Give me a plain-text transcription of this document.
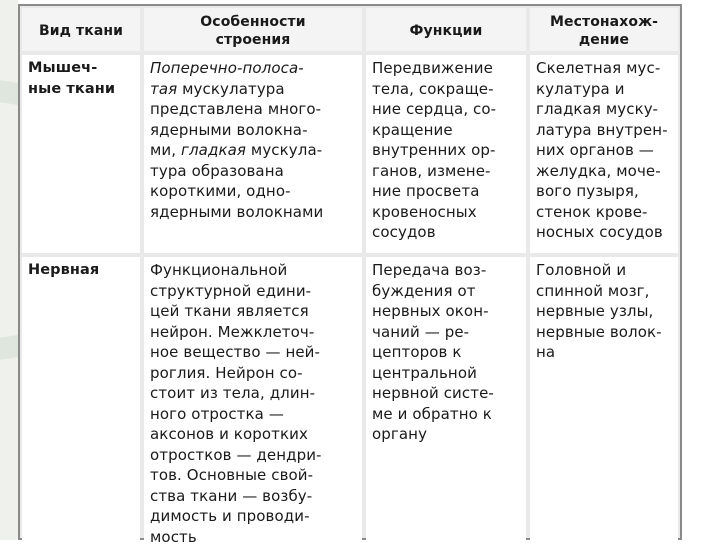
Вид ткани
Особенности
строения
Функции
Местонахож-
дение
Мышеч-
ные ткани
Поперечно-полоса-
тая мускулатура
представлена много-
ядерными волокна-
ми, гладкая мускула-
тура образована
короткими, одно-
ядерными волокнами
Передвижение
тела, сокраще-
ние сердца, со-
кращение
внутренних ор-
ганов, измене-
ние просвета
кровеносных
сосудов
Скелетная мус-
кулатура и
гладкая мускy-
латура внутрен-
них органов —
желудка, моче-
вого пузыря,
стенок крове-
носных сосудов
Нервная	Функциональной
структурной едини-
цей ткани является
нейрон. Межклеточ-
ное вещество — ней-
роглия. Нейрон со-
стоит из тела, длин-
ного отростка —
аксонов и коротких
отростков — дендри-
тов. Основные свой-
ства ткани — возбу-
димость и проводи-
мость
Передача воз-
буждения от
нервных окон-
чаний — ре-
цепторов к
центральной
нервной систе-
ме и обратно к
органу
Головной и
спинной мозг,
нервные узлы,
нервные волок-
на
